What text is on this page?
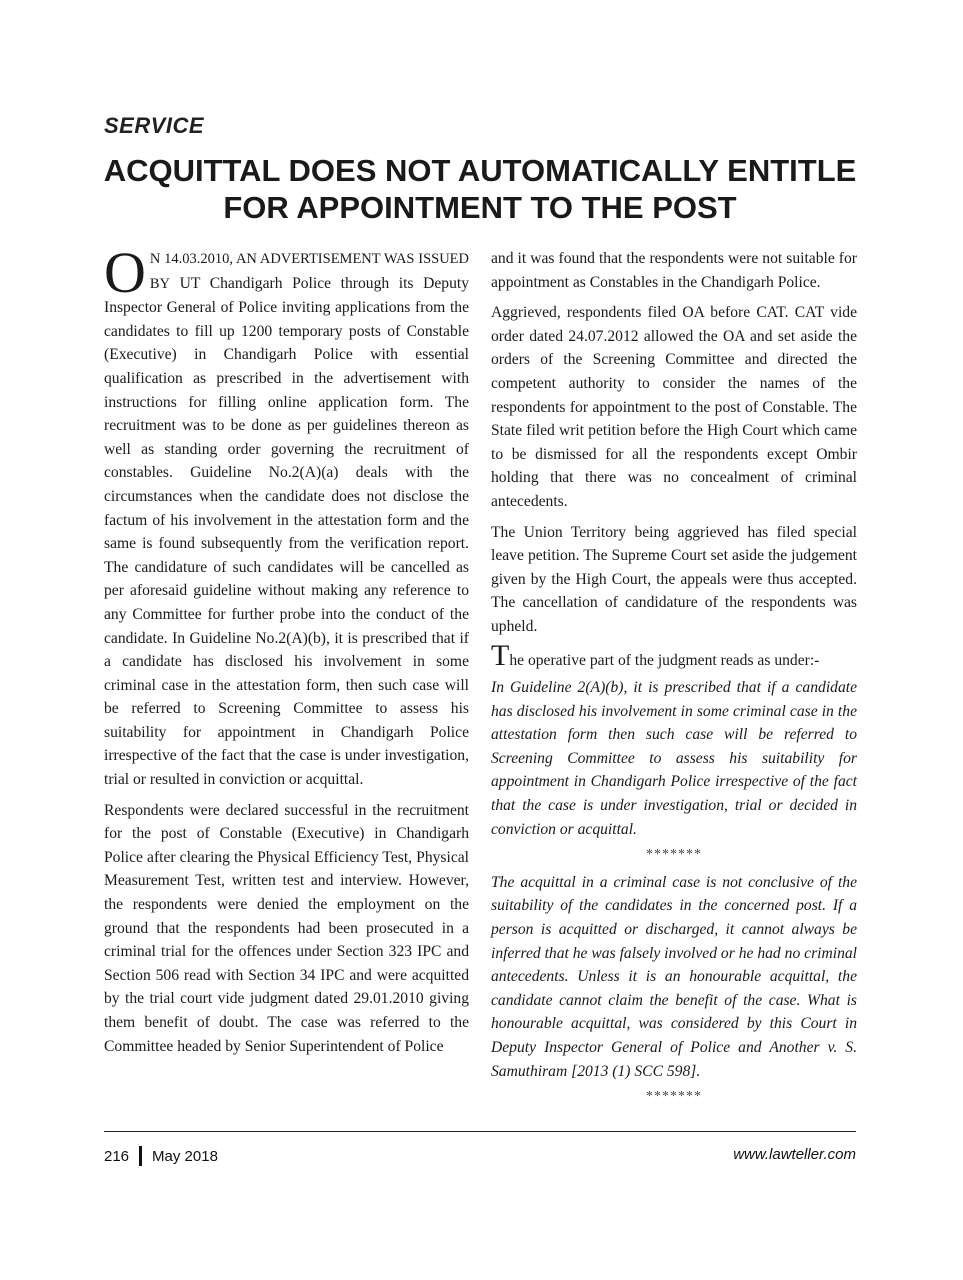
SERVICE
ACQUITTAL DOES NOT AUTOMATICALLY ENTITLE
FOR APPOINTMENT TO THE POST

ON 14.03.2010, AN ADVERTISEMENT WAS ISSUED BY UT Chandigarh Police through its Deputy Inspector General of Police inviting applications from the candidates to fill up 1200 temporary posts of Constable (Executive) in Chandigarh Police with essential qualification as prescribed in the advertisement with instructions for filling online application form. The recruitment was to be done as per guidelines thereon as well as standing order governing the recruitment of constables. Guideline No.2(A)(a) deals with the circumstances when the candidate does not disclose the factum of his involvement in the attestation form and the same is found subsequently from the verification report. The candidature of such candidates will be cancelled as per aforesaid guideline without making any reference to any Committee for further probe into the conduct of the candidate. In Guideline No.2(A)(b), it is prescribed that if a candidate has disclosed his involvement in some criminal case in the attestation form, then such case will be referred to Screening Committee to assess his suitability for appointment in Chandigarh Police irrespective of the fact that the case is under investigation, trial or resulted in conviction or acquittal.

Respondents were declared successful in the recruitment for the post of Constable (Executive) in Chandigarh Police after clearing the Physical Efficiency Test, Physical Measurement Test, written test and interview. However, the respondents were denied the employment on the ground that the respondents had been prosecuted in a criminal trial for the offences under Section 323 IPC and Section 506 read with Section 34 IPC and were acquitted by the trial court vide judgment dated 29.01.2010 giving them benefit of doubt. The case was referred to the Committee headed by Senior Superintendent of Police

and it was found that the respondents were not suitable for appointment as Constables in the Chandigarh Police.

Aggrieved, respondents filed OA before CAT. CAT vide order dated 24.07.2012 allowed the OA and set aside the orders of the Screening Committee and directed the competent authority to consider the names of the respondents for appointment to the post of Constable. The State filed writ petition before the High Court which came to be dismissed for all the respondents except Ombir holding that there was no concealment of criminal antecedents.

The Union Territory being aggrieved has filed special leave petition. The Supreme Court set aside the judgement given by the High Court, the appeals were thus accepted. The cancellation of candidature of the respondents was upheld.

The operative part of the judgment reads as under:-

In Guideline 2(A)(b), it is prescribed that if a candidate has disclosed his involvement in some criminal case in the attestation form then such case will be referred to Screening Committee to assess his suitability for appointment in Chandigarh Police irrespective of the fact that the case is under investigation, trial or decided in conviction or acquittal.

*******

The acquittal in a criminal case is not conclusive of the suitability of the candidates in the concerned post. If a person is acquitted or discharged, it cannot always be inferred that he was falsely involved or he had no criminal antecedents. Unless it is an honourable acquittal, the candidate cannot claim the benefit of the case. What is honourable acquittal, was considered by this Court in Deputy Inspector General of Police and Another v. S. Samuthiram [2013 (1) SCC 598].

*******
216 May 2018	www.lawteller.com
